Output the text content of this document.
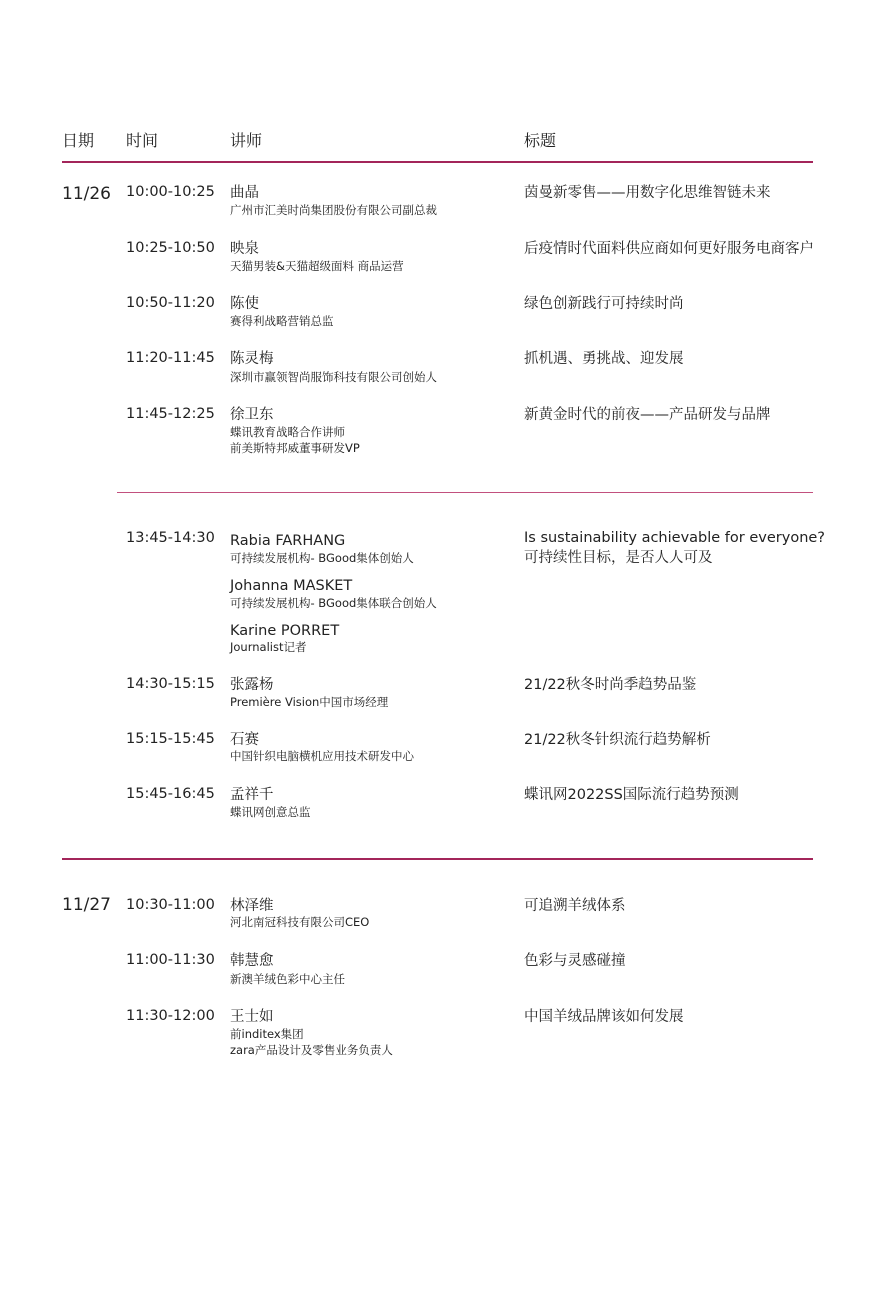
日期 时间	讲师	标题
11/26 10:00-10:25 曲晶
广州市汇美时尚集团股份有限公司副总裁
茵曼新零售——用数字化思维智链未来
10:25-10:50 映泉
天猫男装&天猫超级面料 商品运营
后疫情时代面料供应商如何更好服务电商客户
10:50-11:20 陈使
赛得利战略营销总监
绿色创新践行可持续时尚
11:20-11:45 陈灵梅
深圳市赢领智尚服饰科技有限公司创始人
抓机遇、勇挑战、迎发展
11:45-12:25 徐卫东
蝶讯教育战略合作讲师
前美斯特邦威董事研发VP
新黄金时代的前夜——产品研发与品牌
13:45-14:30 Rabia FARHANG
可持续发展机构- BGood集体创始人
Is sustainability achievable for everyone?
可持续性目标，是否人人可及
Johanna MASKET
可持续发展机构- BGood集体联合创始人
Karine PORRET
Journalist记者
14:30-15:15 张露杨
Première Vision中国市场经理
21/22秋冬时尚季趋势品鉴
15:15-15:45 石赛
中国针织电脑横机应用技术研发中心
21/22秋冬针织流行趋势解析
15:45-16:45 孟祥千
蝶讯网创意总监
蝶讯网2022SS国际流行趋势预测
11/27 10:30-11:00 林泽维
河北南冠科技有限公司CEO
可追溯羊绒体系
11:00-11:30 韩慧愈
新澳羊绒色彩中心主任
色彩与灵感碰撞
11:30-12:00 王士如
前inditex集团
zara产品设计及零售业务负责人
中国羊绒品牌该如何发展
